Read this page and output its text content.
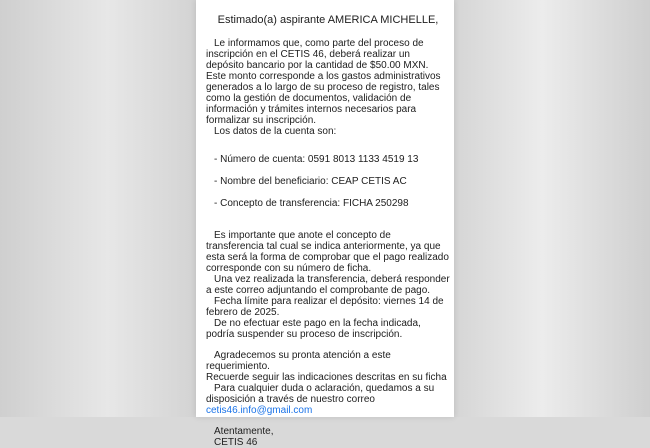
Estimado(a) aspirante AMERICA MICHELLE,

Le informamos que, como parte del proceso de inscripción en el CETIS 46, deberá realizar un depósito bancario por la cantidad de $50.00 MXN. Este monto corresponde a los gastos administrativos generados a lo largo de su proceso de registro, tales como la gestión de documentos, validación de información y trámites internos necesarios para formalizar su inscripción.

Los datos de la cuenta son:

- Número de cuenta: 0591 8013 1133 4519 13

- Nombre del beneficiario: CEAP CETIS AC

- Concepto de transferencia: FICHA 250298

Es importante que anote el concepto de transferencia tal cual se indica anteriormente, ya que esta será la forma de comprobar que el pago realizado corresponde con su número de ficha.

Una vez realizada la transferencia, deberá responder a este correo adjuntando el comprobante de pago.

Fecha límite para realizar el depósito: viernes 14 de febrero de 2025.

De no efectuar este pago en la fecha indicada, podría suspender su proceso de inscripción.

Agradecemos su pronta atención a este requerimiento.

Recuerde seguir las indicaciones descritas en su ficha

Para cualquier duda o aclaración, quedamos a su disposición a través de nuestro correo

cetis46.info@gmail.com
Atentamente,
CETIS 46
